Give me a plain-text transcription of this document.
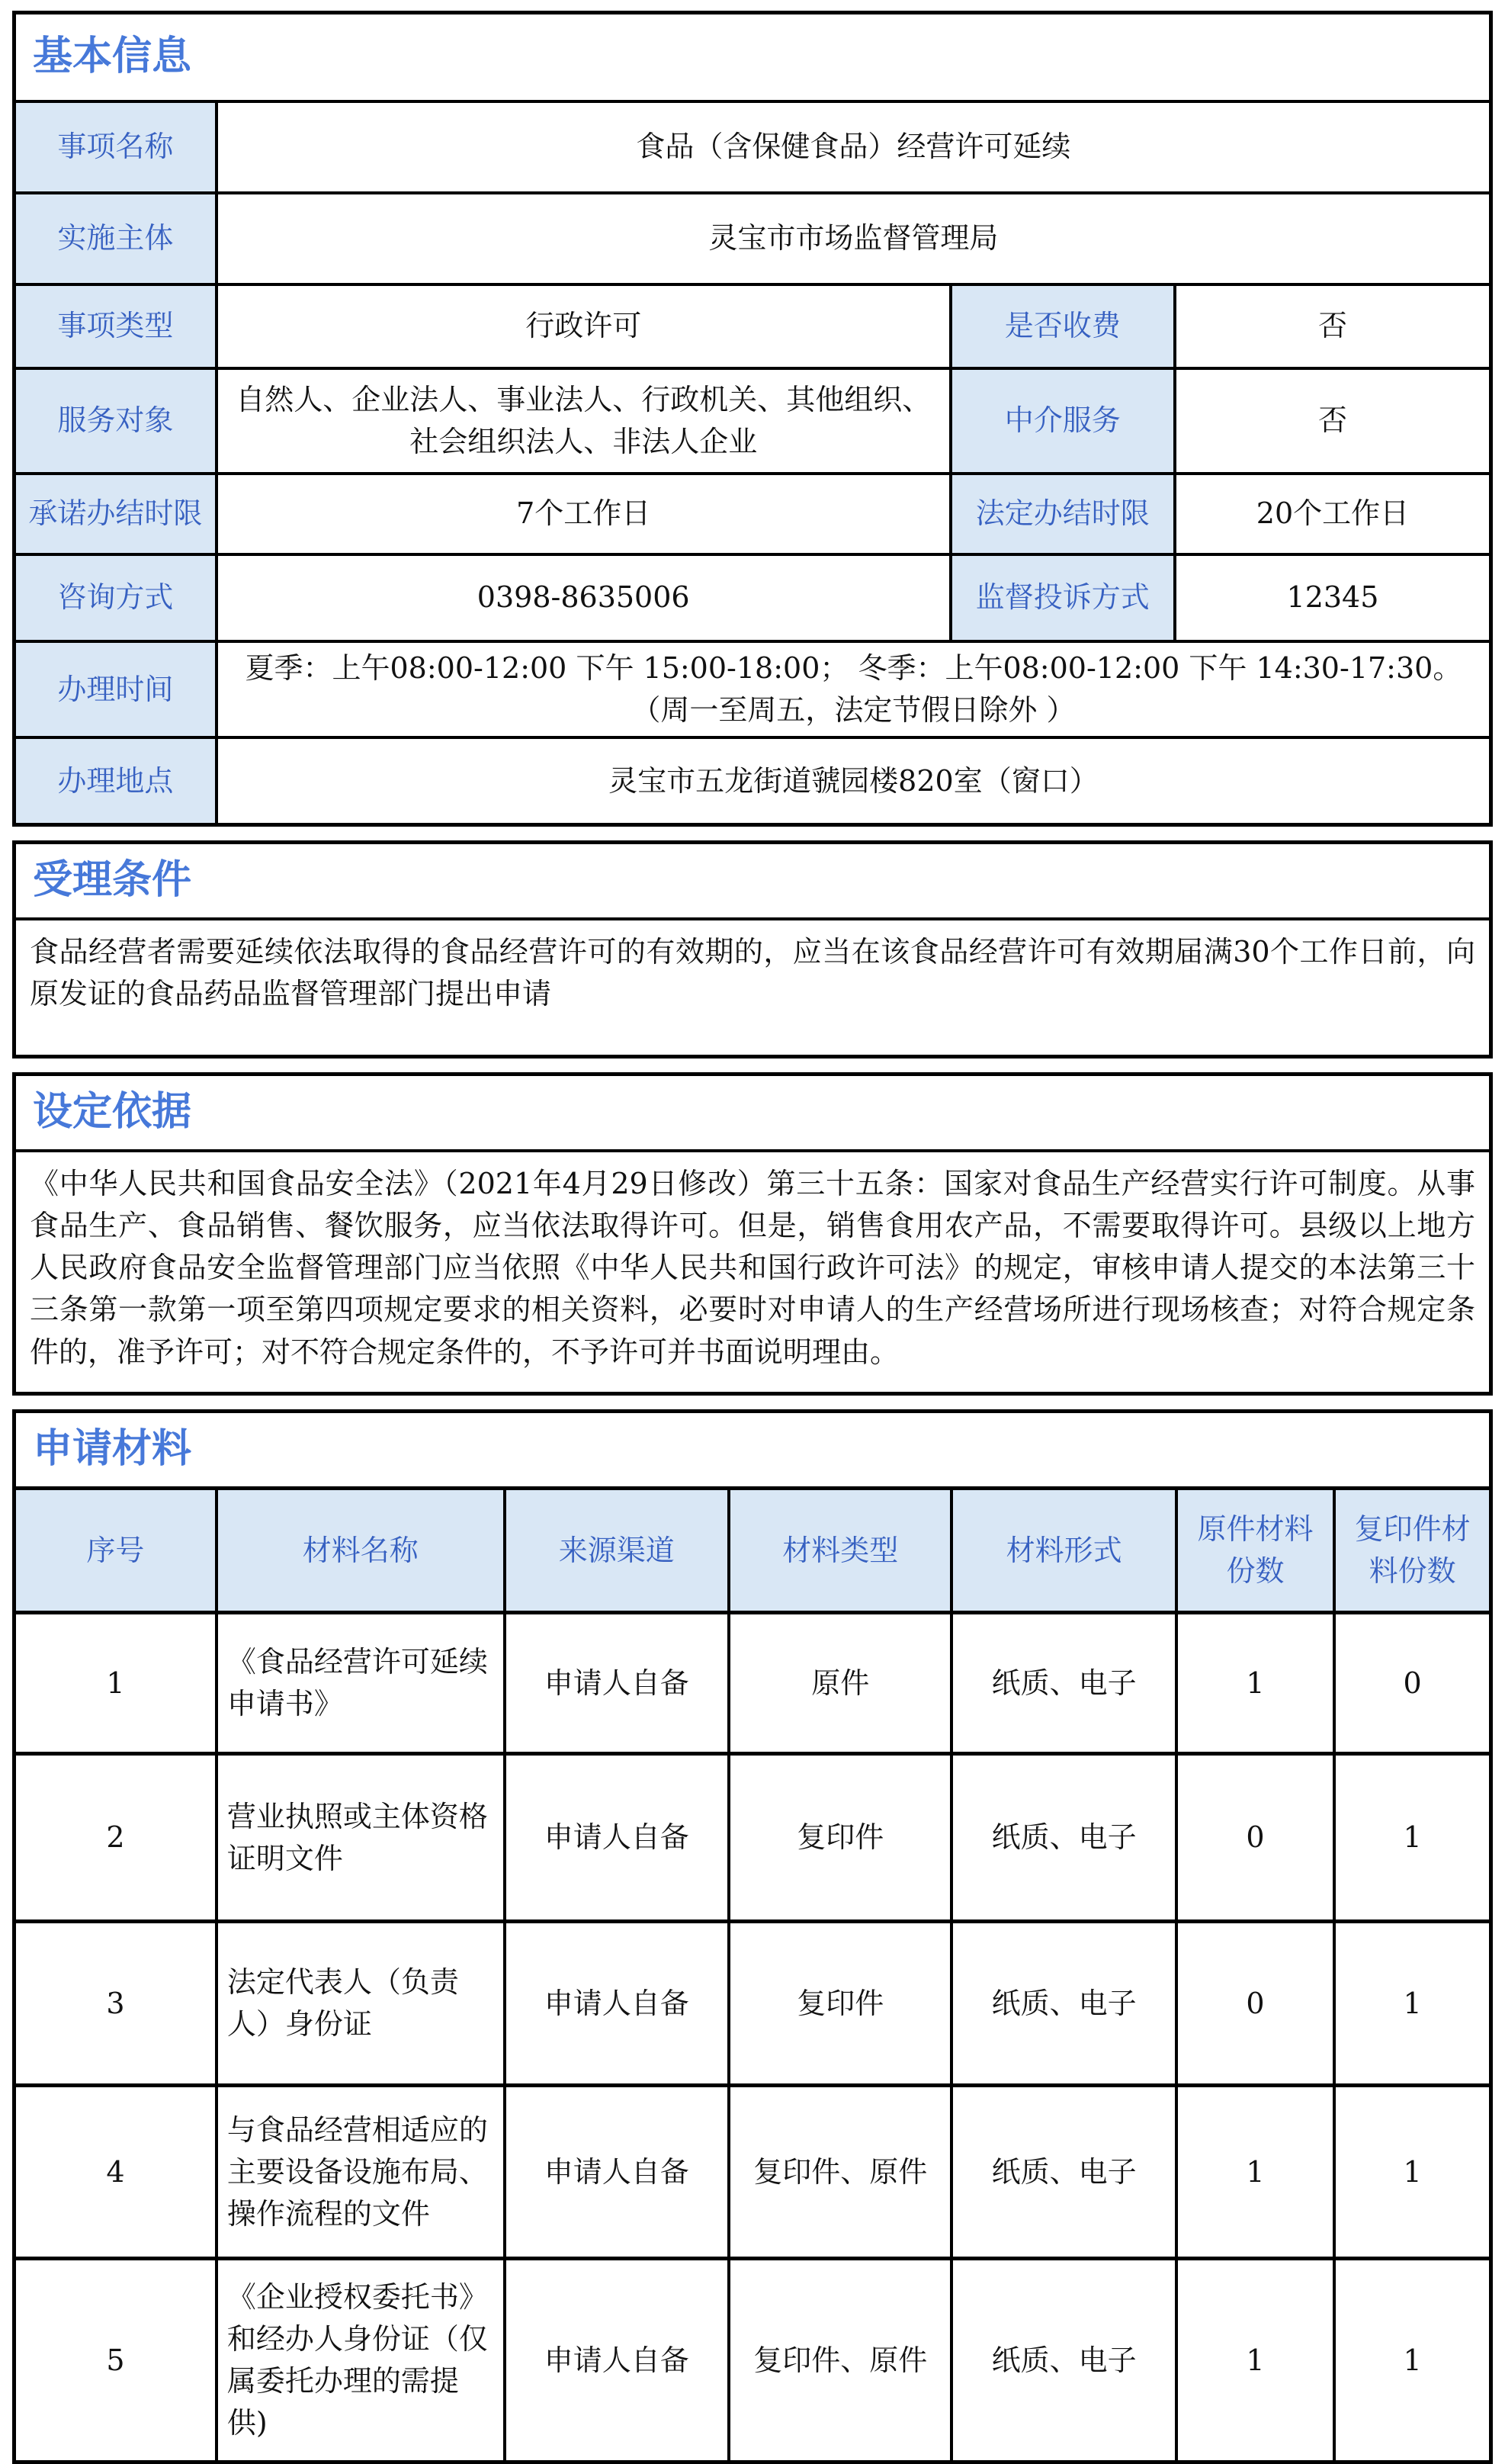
基本信息			
事项名称	食品（含保健食品）经营许可延续		
实施主体	灵宝市市场监督管理局		
事项类型	行政许可	是否收费	否
服务对象	自然人、企业法人、事业法人、行政机关、其他组织、社会组织法人、非法人企业	中介服务	否
承诺办结时限	7个工作日	法定办结时限	20个工作日
咨询方式	0398-8635006	监督投诉方式	12345
办理时间	夏季：上午08:00-12:00 下午 15:00-18:00； 冬季：上午08:00-12:00 下午 14:30-17:30。
（周一至周五，法定节假日除外 ）		

办理地点	灵宝市五龙街道虢园楼820室（窗口）		
受理条件
食品经营者需要延续依法取得的食品经营许可的有效期的，应当在该食品经营许可有效期届满30个工作日前，向原发证的食品药品监督管理部门提出申请
设定依据
《中华人民共和国食品安全法》（2021年4月29日修改）第三十五条：国家对食品生产经营实行许可制度。从事食品生产、食品销售、餐饮服务，应当依法取得许可。但是，销售食用农产品，不需要取得许可。县级以上地方人民政府食品安全监督管理部门应当依照《中华人民共和国行政许可法》的规定，审核申请人提交的本法第三十三条第一款第一项至第四项规定要求的相关资料，必要时对申请人的生产经营场所进行现场核查；对符合规定条件的，准予许可；对不符合规定条件的，不予许可并书面说明理由。
申请材料						
序号	材料名称	来源渠道	材料类型	材料形式	原件材料份数	复印件材料份数
1	《食品经营许可延续申请书》	申请人自备	原件	纸质、电子	1	0
2	营业执照或主体资格证明文件	申请人自备	复印件	纸质、电子	0	1
3	法定代表人（负责人）身份证	申请人自备	复印件	纸质、电子	0	1
4	与食品经营相适应的主要设备设施布局、操作流程的文件	申请人自备	复印件、原件	纸质、电子	1	1
5	《企业授权委托书》和经办人身份证（仅属委托办理的需提供)	申请人自备	复印件、原件	纸质、电子	1	1
